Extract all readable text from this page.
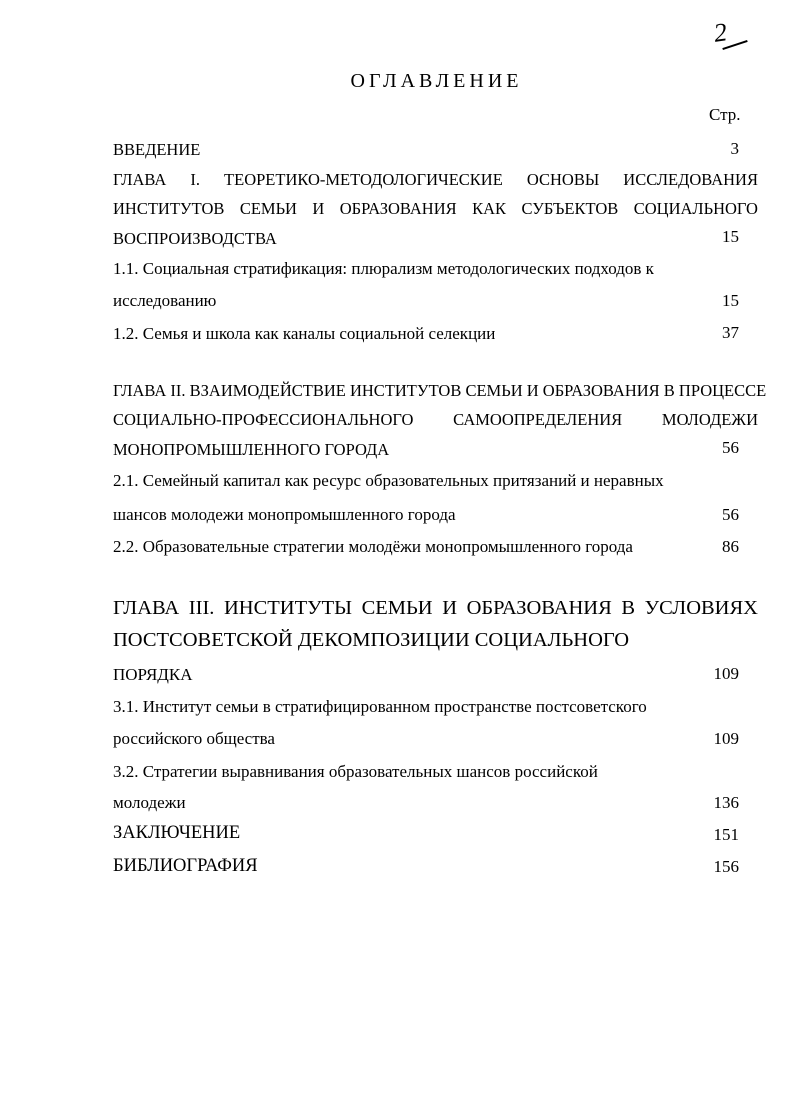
2
ОГЛАВЛЕНИЕ
Стр.
ВВЕДЕНИЕ	3
ГЛАВА I. ТЕОРЕТИКО-МЕТОДОЛОГИЧЕСКИЕ ОСНОВЫ ИССЛЕДОВАНИЯ
ИНСТИТУТОВ СЕМЬИ И ОБРАЗОВАНИЯ КАК СУБЪЕКТОВ СОЦИАЛЬНОГО
ВОСПРОИЗВОДСТВА	15
1.1. Социальная стратификация: плюрализм методологических подходов к
исследованию	15
1.2. Семья и школа как каналы социальной селекции	37
ГЛАВА II. ВЗАИМОДЕЙСТВИЕ ИНСТИТУТОВ СЕМЬИ И ОБРАЗОВАНИЯ В ПРОЦЕССЕ
СОЦИАЛЬНО-ПРОФЕССИОНАЛЬНОГО САМООПРЕДЕЛЕНИЯ МОЛОДЕЖИ
МОНОПРОМЫШЛЕННОГО ГОРОДА	56
2.1. Семейный капитал как ресурс образовательных притязаний и неравных
шансов молодежи монопромышленного города	56
2.2. Образовательные стратегии молодёжи монопромышленного города	86
ГЛАВА III. ИНСТИТУТЫ СЕМЬИ И ОБРАЗОВАНИЯ В УСЛОВИЯХ
ПОСТСОВЕТСКОЙ ДЕКОМПОЗИЦИИ СОЦИАЛЬНОГО
ПОРЯДКА	109
3.1. Институт семьи в стратифицированном пространстве постсоветского
российского общества	109
3.2. Стратегии выравнивания образовательных шансов российской
молодежи	136
ЗАКЛЮЧЕНИЕ	151
БИБЛИОГРАФИЯ	156
